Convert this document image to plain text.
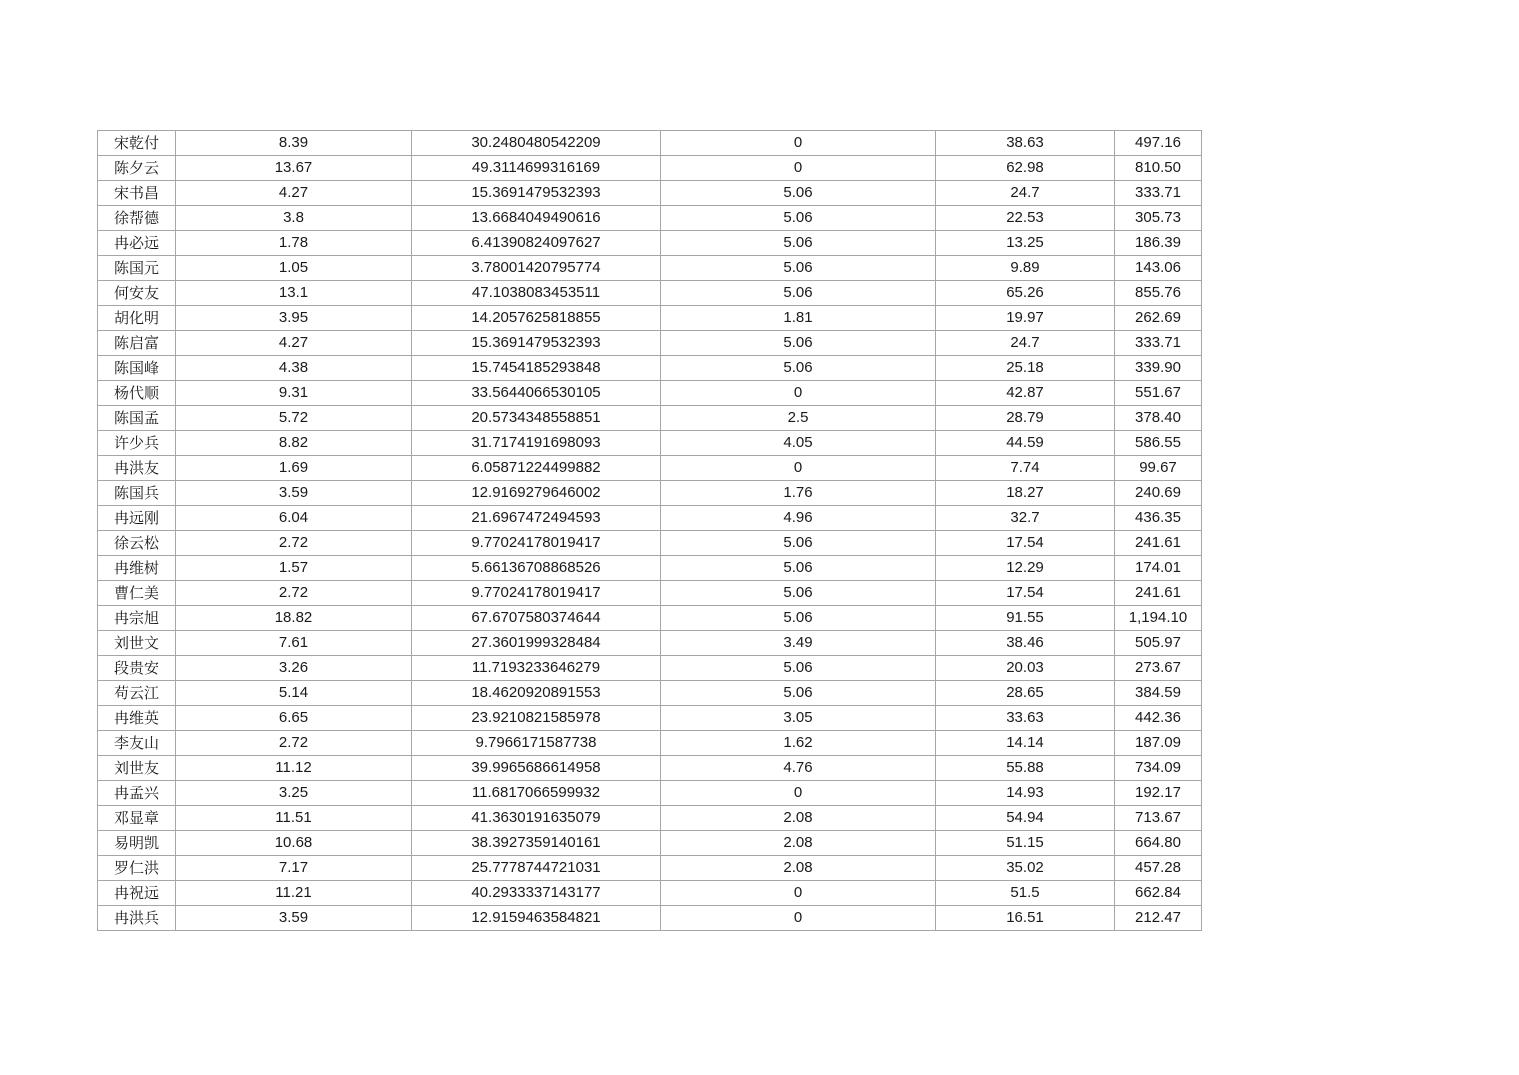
宋乾付	8.39	30.2480480542209	0	38.63	497.16
陈夕云	13.67	49.3114699316169	0	62.98	810.50
宋书昌	4.27	15.3691479532393	5.06	24.7	333.71
徐帮德	3.8	13.6684049490616	5.06	22.53	305.73
冉必远	1.78	6.41390824097627	5.06	13.25	186.39
陈国元	1.05	3.78001420795774	5.06	9.89	143.06
何安友	13.1	47.1038083453511	5.06	65.26	855.76
胡化明	3.95	14.2057625818855	1.81	19.97	262.69
陈启富	4.27	15.3691479532393	5.06	24.7	333.71
陈国峰	4.38	15.7454185293848	5.06	25.18	339.90
杨代顺	9.31	33.5644066530105	0	42.87	551.67
陈国孟	5.72	20.5734348558851	2.5	28.79	378.40
许少兵	8.82	31.7174191698093	4.05	44.59	586.55
冉洪友	1.69	6.05871224499882	0	7.74	99.67
陈国兵	3.59	12.9169279646002	1.76	18.27	240.69
冉远刚	6.04	21.6967472494593	4.96	32.7	436.35
徐云松	2.72	9.77024178019417	5.06	17.54	241.61
冉维树	1.57	5.66136708868526	5.06	12.29	174.01
曹仁美	2.72	9.77024178019417	5.06	17.54	241.61
冉宗旭	18.82	67.6707580374644	5.06	91.55	1,194.10
刘世文	7.61	27.3601999328484	3.49	38.46	505.97
段贵安	3.26	11.7193233646279	5.06	20.03	273.67
苟云江	5.14	18.4620920891553	5.06	28.65	384.59
冉维英	6.65	23.9210821585978	3.05	33.63	442.36
李友山	2.72	9.7966171587738	1.62	14.14	187.09
刘世友	11.12	39.9965686614958	4.76	55.88	734.09
冉孟兴	3.25	11.6817066599932	0	14.93	192.17
邓显章	11.51	41.3630191635079	2.08	54.94	713.67
易明凯	10.68	38.3927359140161	2.08	51.15	664.80
罗仁洪	7.17	25.7778744721031	2.08	35.02	457.28
冉祝远	11.21	40.2933337143177	0	51.5	662.84
冉洪兵	3.59	12.9159463584821	0	16.51	212.47
